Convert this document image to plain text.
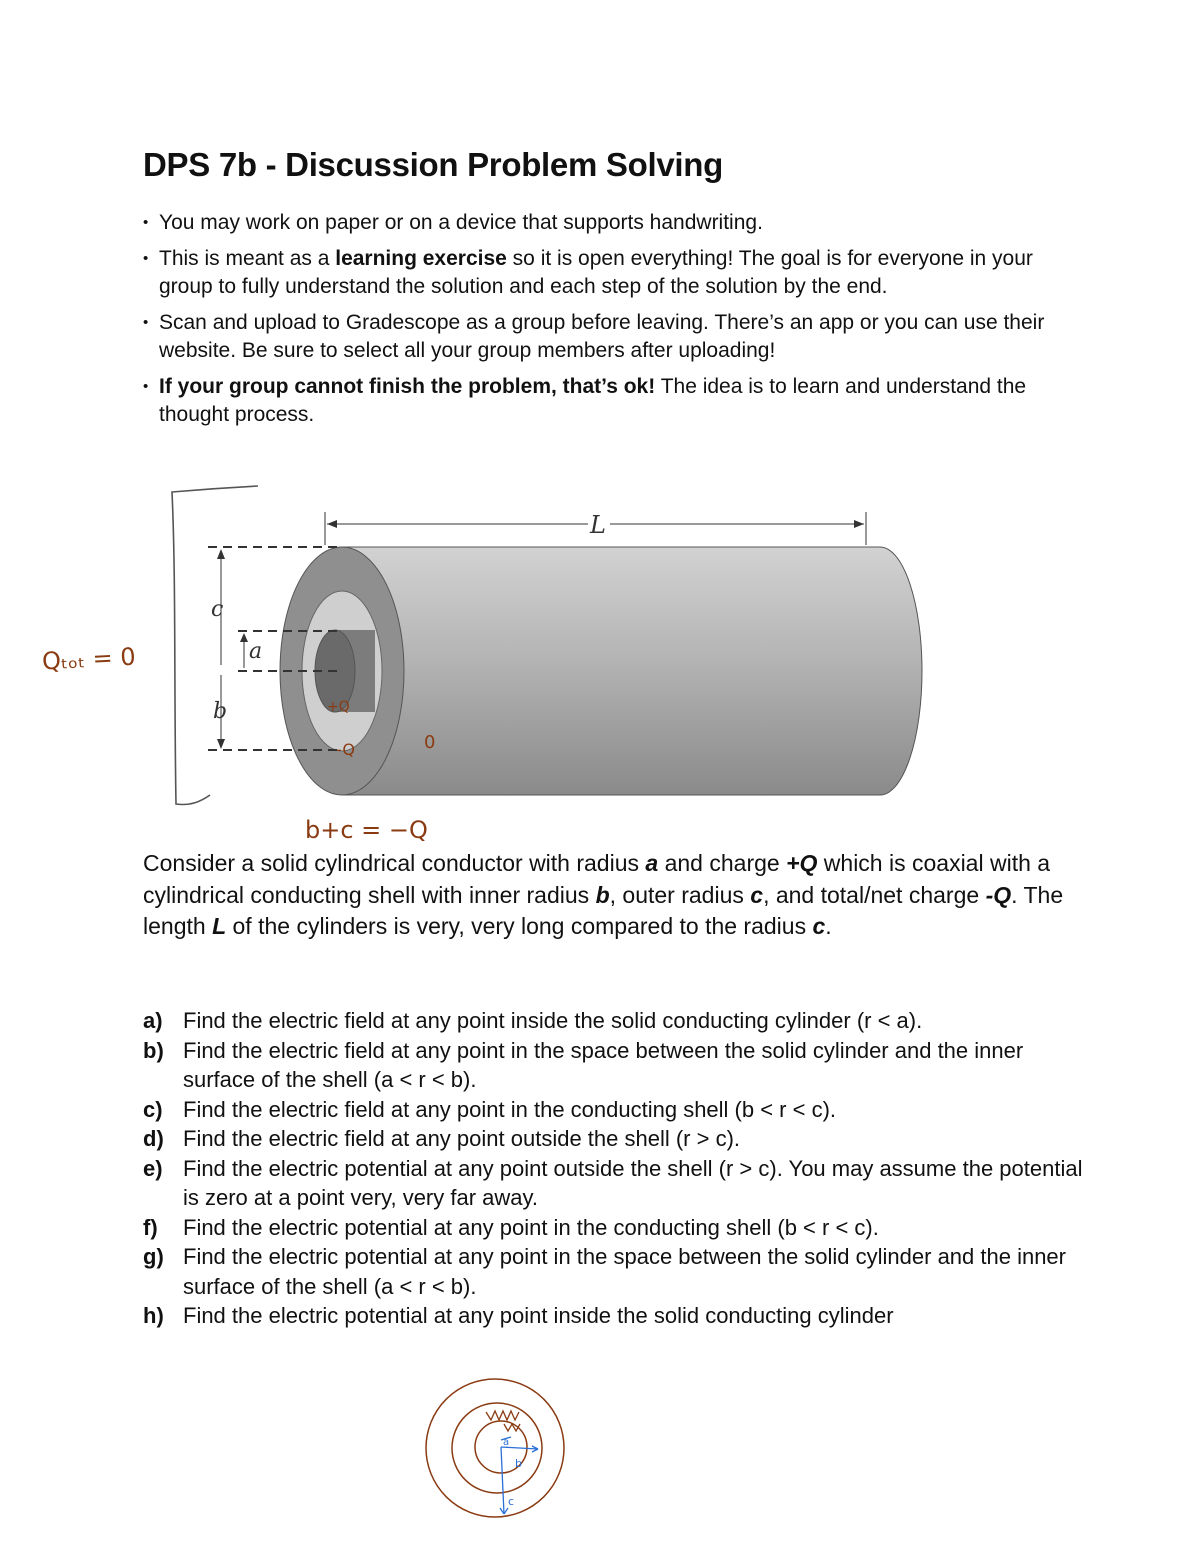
DPS 7b - Discussion Problem Solving
• You may work on paper or on a device that supports handwriting.
• This is meant as a learning exercise so it is open everything! The goal is for everyone in your group to fully understand the solution and each step of the solution by the end.
• Scan and upload to Gradescope as a group before leaving. There’s an app or you can use their website. Be sure to select all your group members after uploading!
• If your group cannot finish the problem, that’s ok! The idea is to learn and understand the thought process.
L
c
a
b	+Q
-Q	0
Qₜₒₜ = 0
b+c = −Q

Consider a solid cylindrical conductor with radius a and charge +Q which is coaxial with a cylindrical conducting shell with inner radius b, outer radius c, and total/net charge -Q. The length L of the cylinders is very, very long compared to the radius c.

a) Find the electric field at any point inside the solid conducting cylinder (r < a).
b) Find the electric field at any point in the space between the solid cylinder and the inner surface of the shell (a < r < b).
c) Find the electric field at any point in the conducting shell (b < r < c).
d) Find the electric field at any point outside the shell (r > c).
e) Find the electric potential at any point outside the shell (r > c). You may assume the potential is zero at a point very, very far away.
f)	Find the electric potential at any point in the conducting shell (b < r < c).
g) Find the electric potential at any point in the space between the solid cylinder and the inner surface of the shell (a < r < b).
h) Find the electric potential at any point inside the solid conducting cylinder
a
b
c
